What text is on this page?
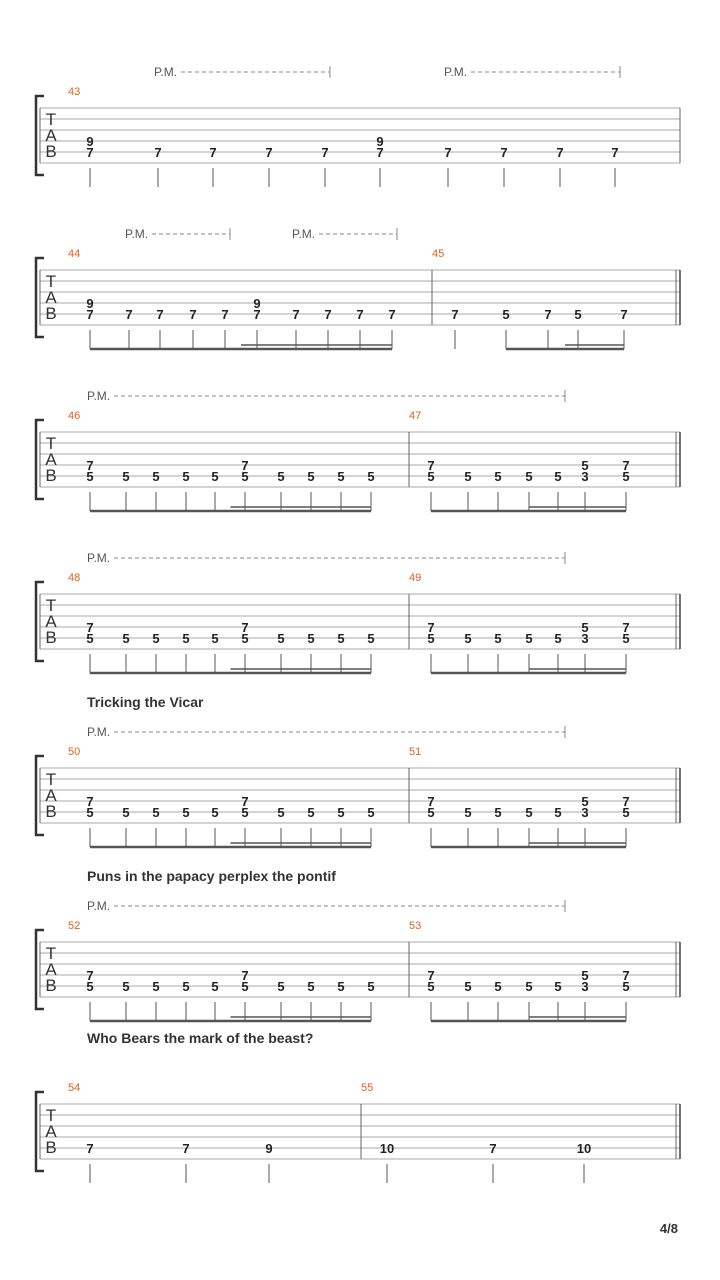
P.M.	P.M.
T
A
B
43
9
7	7	7	7	7
9
7	7	7	7	7
P.M.	P.M.
T
A
B
44
9
7 7 7 7 7
9
7 7 7 7 7
45
7	5	7 5	7
P.M.
T
A
B
46
7
5 5 5 5 5
7
5 5 5 5 5
47
7
5 5 5 5 5
5
3
7
5
P.M.
T
A
B
48
7
5 5 5 5 5
7
5 5 5 5 5
49
7
5 5 5 5 5
5
3
7
5
Tricking the Vicar
P.M.
T
A
B
50
7
5 5 5 5 5
7
5 5 5 5 5
51
7
5 5 5 5 5
5
3
7
5
Puns in the papacy perplex the pontif
P.M.
T
A
B
52
7
5 5 5 5 5
7
5 5 5 5 5
53
7
5 5 5 5 5
5
3
7
5
Who Bears the mark of the beast?
T
A
B
54
7	7	9
55
10	7	10
4/8
